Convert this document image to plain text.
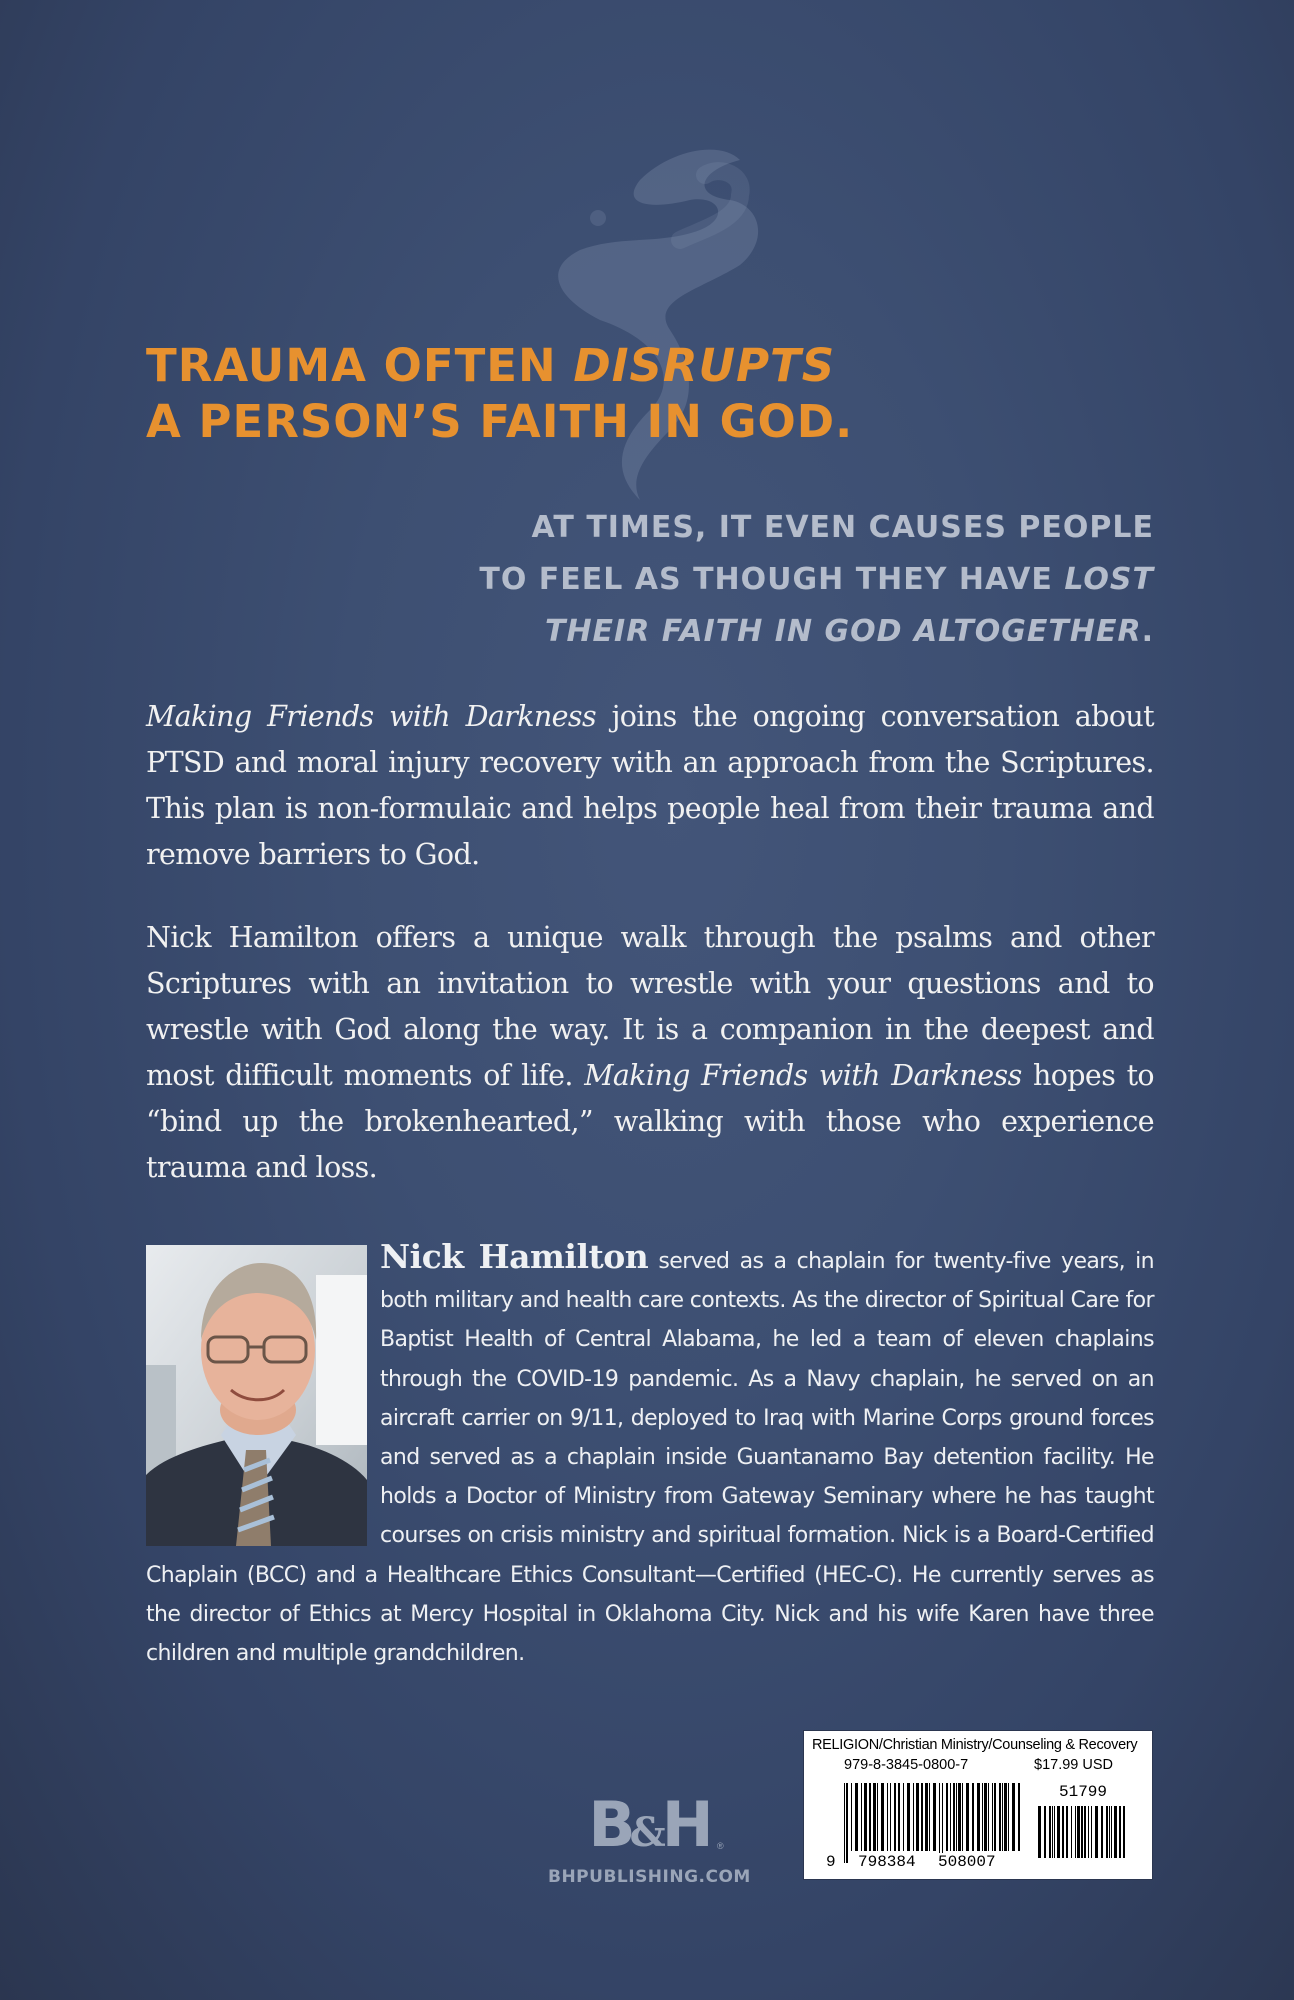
TRAUMA OFTEN DISRUPTS
A PERSON’S FAITH IN GOD.
AT TIMES, IT EVEN CAUSES PEOPLE
TO FEEL AS THOUGH THEY HAVE LOST
THEIR FAITH IN GOD ALTOGETHER.

Making Friends with Darkness joins the ongoing conversation about PTSD and moral injury recovery with an approach from the Scriptures. This plan is non-formulaic and helps people heal from their trauma and remove barriers to God.

Nick Hamilton offers a unique walk through the psalms and other Scriptures with an invitation to wrestle with your questions and to wrestle with God along the way. It is a companion in the deepest and most difficult moments of life. Making Friends with Darkness hopes to “bind up the brokenhearted,” walking with those who experience trauma and loss.

Nick Hamilton served as a chaplain for twenty-five years, in both military and health care contexts. As the director of Spiritual Care for Baptist Health of Central Alabama, he led a team of eleven chaplains through the COVID-19 pandemic. As a Navy chaplain, he served on an aircraft carrier on 9/11, deployed to Iraq with Marine Corps ground forces and served as a chaplain inside Guantanamo Bay detention facility. He holds a Doctor of Ministry from Gateway Seminary where he has taught courses on crisis ministry and spiritual formation. Nick is a Board-Certified Chaplain (BCC) and a Healthcare Ethics Consultant—Certified (HEC-C). He currently serves as the director of Ethics at Mercy Hospital in Oklahoma City. Nick and his wife Karen have three children and multiple grandchildren.

B&H	®
BHPUBLISHING.COM
RELIGION/Christian Ministry/Counseling & Recovery
979-8-3845-0800-7	$17.99 USD
51799
9 798384 508007
